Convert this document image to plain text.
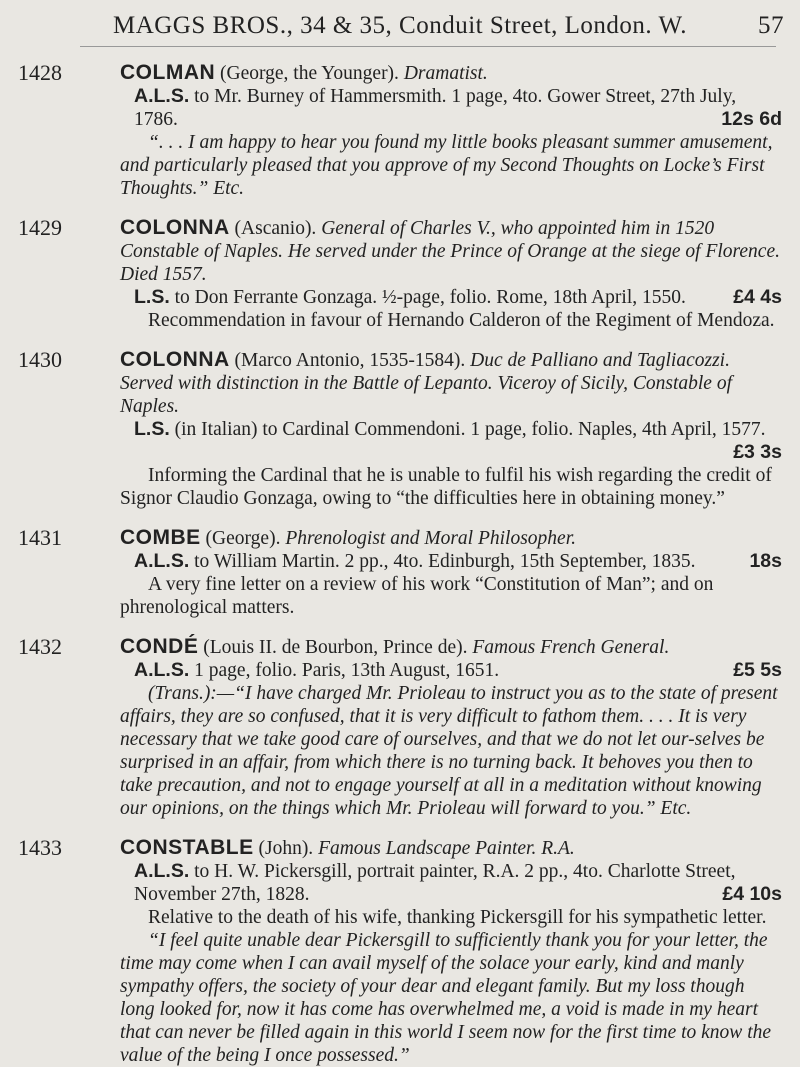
MAGGS BROS., 34 & 35, Conduit Street, London. W.	57
1428	COLMAN (George, the Younger). Dramatist.
A.L.S. to Mr. Burney of Hammersmith. 1 page, 4to. Gower Street, 27th July, 1786.	12s 6d
“. . . I am happy to hear you found my little books pleasant summer amusement, and particularly pleased that you approve of my Second Thoughts on Locke’s First Thoughts.” Etc.
1429	COLONNA (Ascanio). General of Charles V., who appointed him in 1520 Constable of Naples. He served under the Prince of Orange at the siege of Florence. Died 1557.
L.S. to Don Ferrante Gonzaga. ½-page, folio. Rome, 18th April, 1550. £4 4s
Recommendation in favour of Hernando Calderon of the Regiment of Mendoza.
1430	COLONNA (Marco Antonio, 1535-1584). Duc de Palliano and Tagliacozzi. Served with distinction in the Battle of Lepanto. Viceroy of Sicily, Constable of Naples.
L.S. (in Italian) to Cardinal Commendoni. 1 page, folio. Naples, 4th April, 1577.
£3 3s
Informing the Cardinal that he is unable to fulfil his wish regarding the credit of Signor Claudio Gonzaga, owing to “the difficulties here in obtaining money.”
1431	COMBE (George). Phrenologist and Moral Philosopher.
A.L.S. to William Martin. 2 pp., 4to. Edinburgh, 15th September, 1835.	18s
A very fine letter on a review of his work “Constitution of Man”; and on phrenological matters.
1432	CONDÉ (Louis II. de Bourbon, Prince de). Famous French General.
A.L.S. 1 page, folio. Paris, 13th August, 1651.	£5 5s
(Trans.):—“I have charged Mr. Prioleau to instruct you as to the state of present affairs, they are so confused, that it is very difficult to fathom them. . . . It is very necessary that we take good care of ourselves, and that we do not let our-selves be surprised in an affair, from which there is no turning back. It behoves you then to take precaution, and not to engage yourself at all in a meditation without knowing our opinions, on the things which Mr. Prioleau will forward to you.” Etc.
1433	CONSTABLE (John). Famous Landscape Painter. R.A.
A.L.S. to H. W. Pickersgill, portrait painter, R.A. 2 pp., 4to. Charlotte Street, November 27th, 1828.	£4 10s
Relative to the death of his wife, thanking Pickersgill for his sympathetic letter.
“I feel quite unable dear Pickersgill to sufficiently thank you for your letter, the time may come when I can avail myself of the solace your early, kind and manly sympathy offers, the society of your dear and elegant family. But my loss though long looked for, now it has come has overwhelmed me, a void is made in my heart that can never be filled again in this world I seem now for the first time to know the value of the being I once possessed.”
